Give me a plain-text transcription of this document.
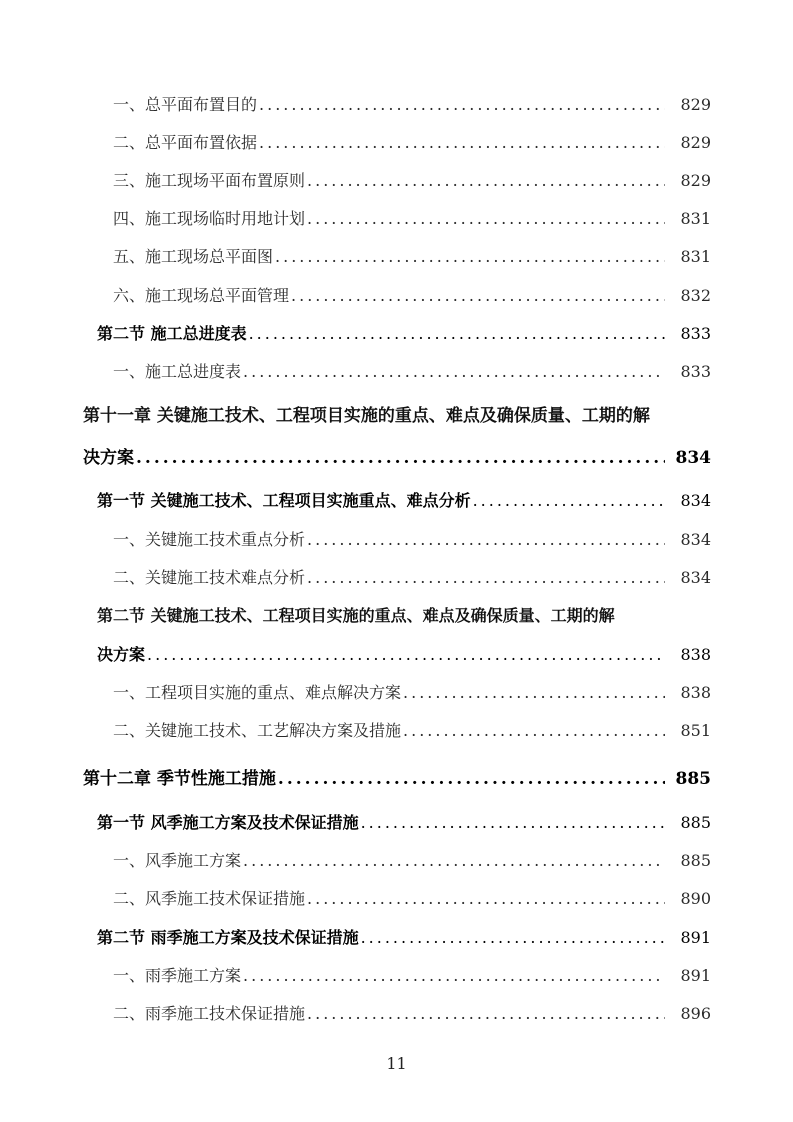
一、总平面布置目的 .....	829
二、总平面布置依据 .....	829
三、施工现场平面布置原则 .....	829
四、施工现场临时用地计划 .....	831
五、施工现场总平面图 .....	831
六、施工现场总平面管理 .....	832
第二节 施工总进度表 .....	833
一、施工总进度表 .....	833
第十一章 关键施工技术、工程项目实施的重点、难点及确保质量、工期的解
决方案 .....	834
第一节 关键施工技术、工程项目实施重点、难点分析 .....	834
一、关键施工技术重点分析 .....	834
二、关键施工技术难点分析 .....	834
第二节 关键施工技术、工程项目实施的重点、难点及确保质量、工期的解
决方案 .....	838
一、工程项目实施的重点、难点解决方案 .....	838
二、关键施工技术、工艺解决方案及措施 .....	851
第十二章 季节性施工措施 .....	885
第一节 风季施工方案及技术保证措施 .....	885
一、风季施工方案 .....	885
二、风季施工技术保证措施 .....	890
第二节 雨季施工方案及技术保证措施 .....	891
一、雨季施工方案 .....	891
二、雨季施工技术保证措施 .....	896
11
